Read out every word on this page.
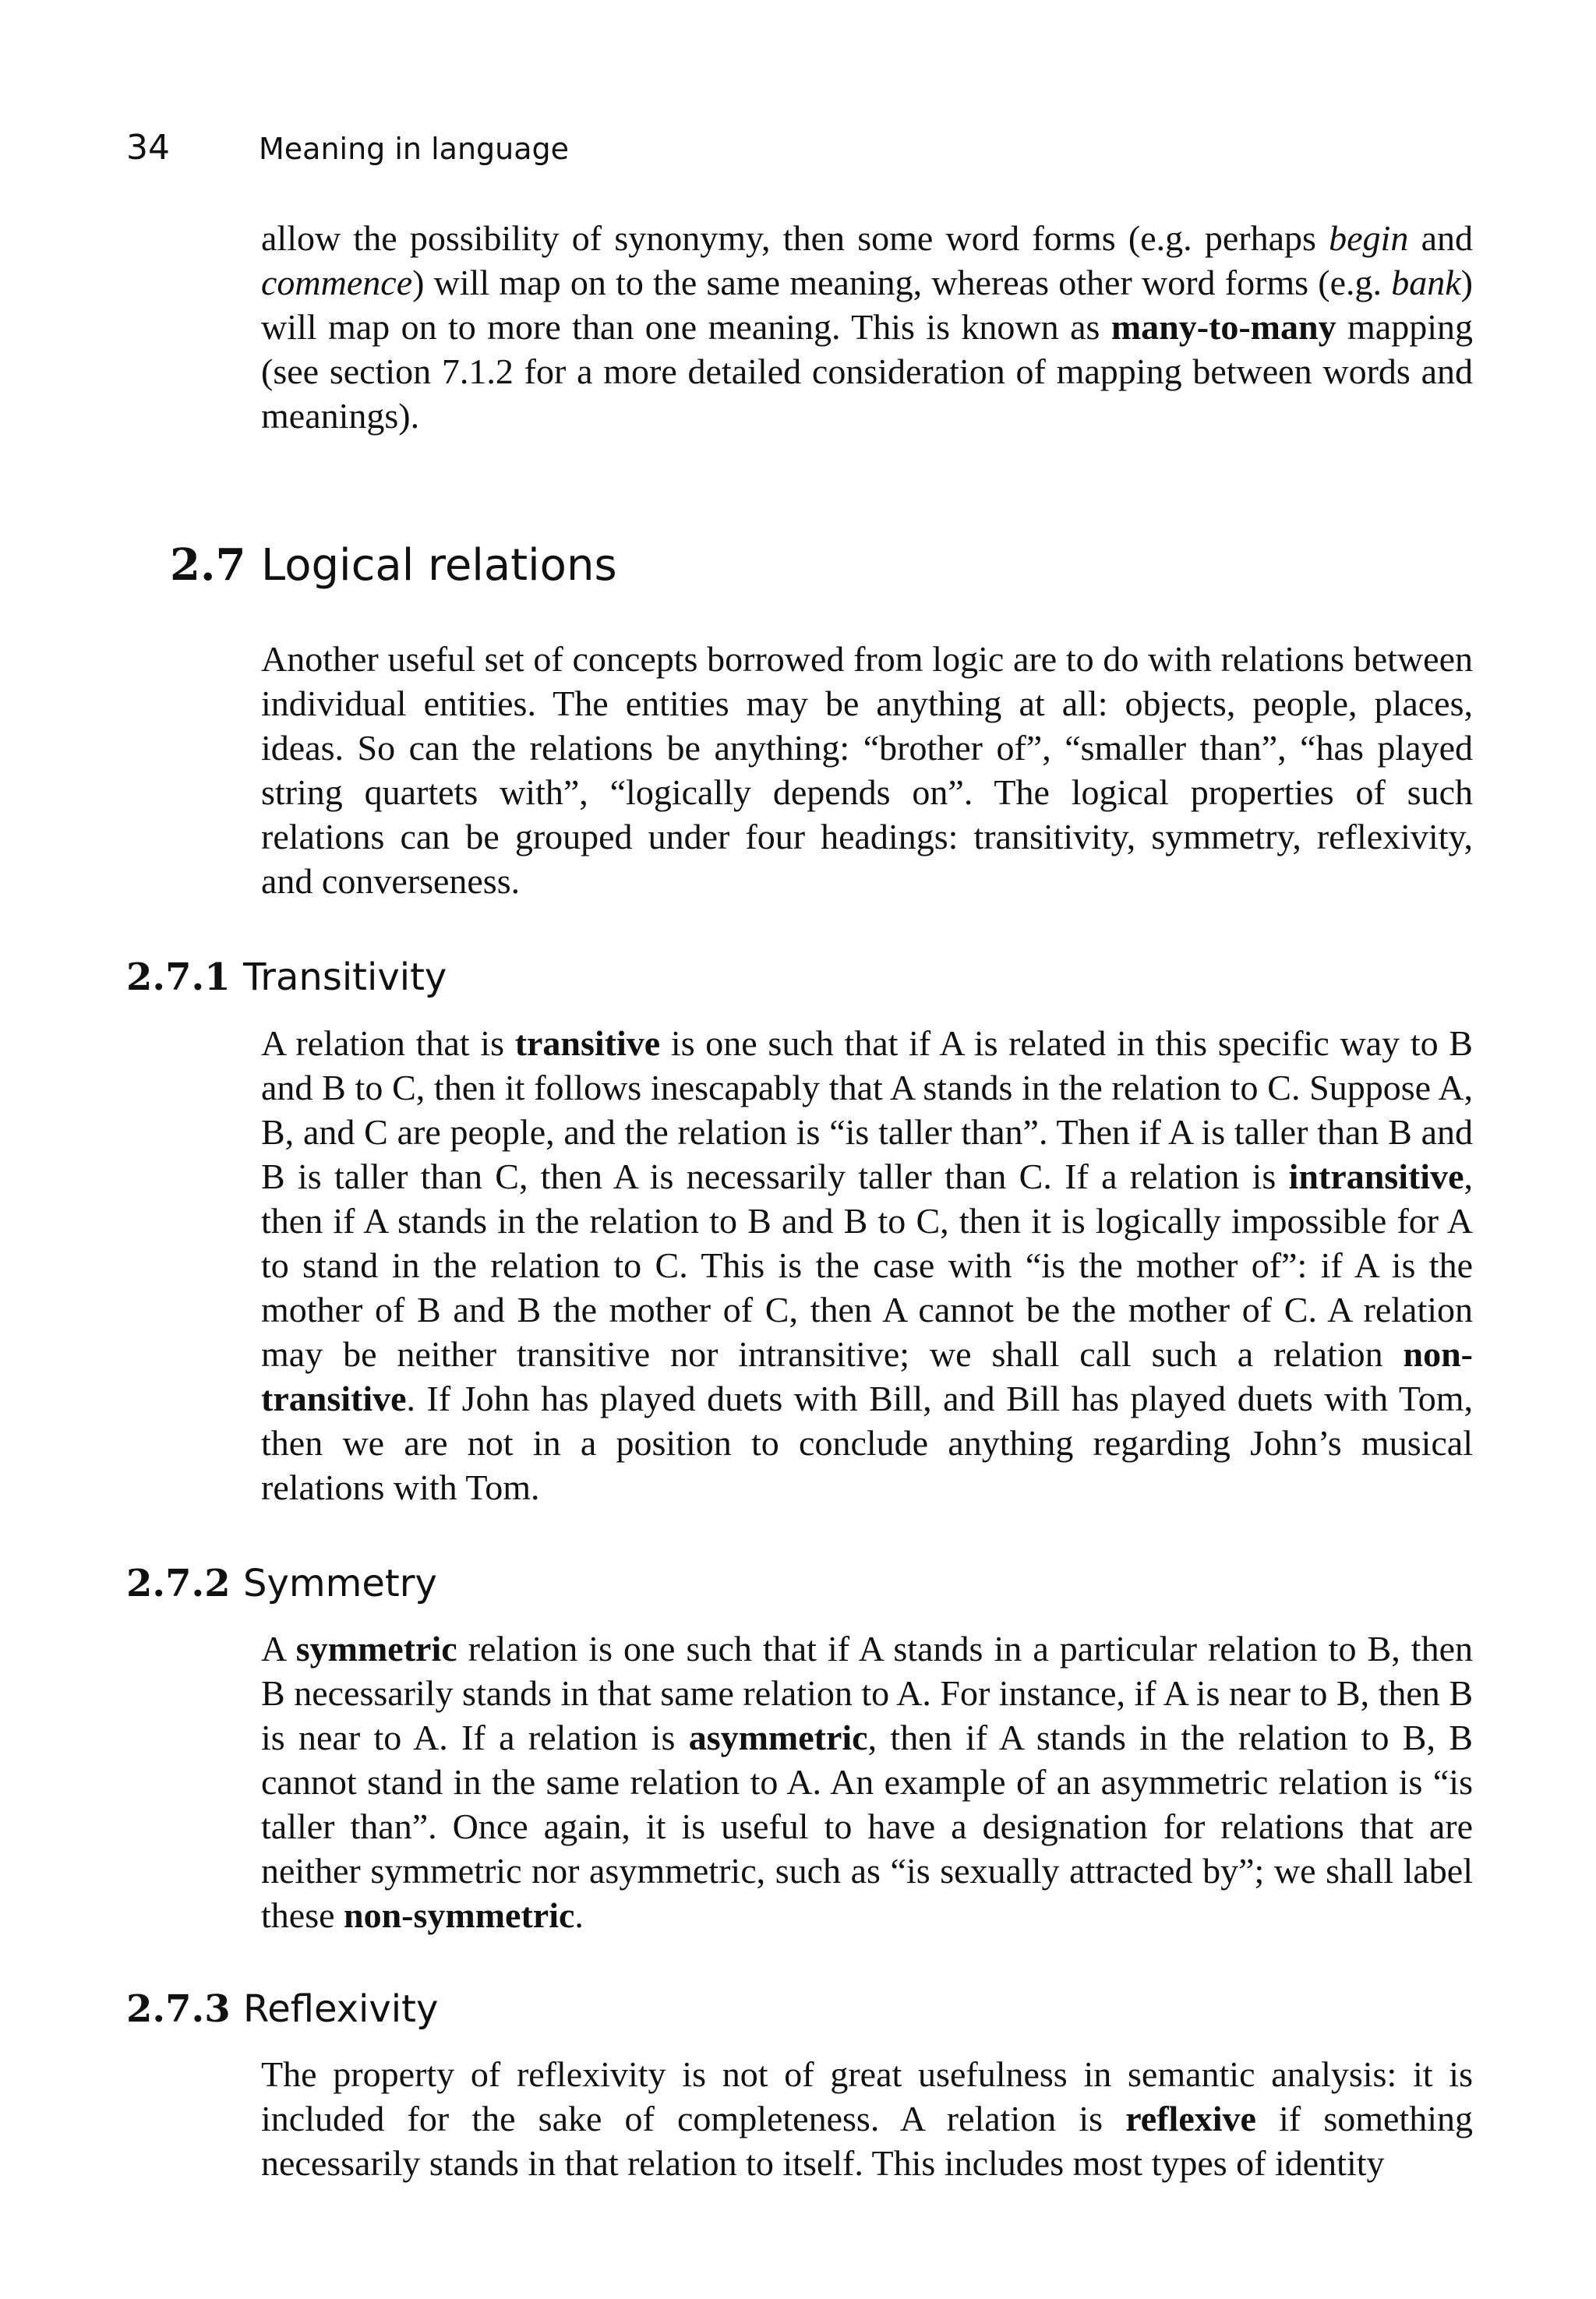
34	Meaning in language

allow the possibility of synonymy, then some word forms (e.g. perhaps begin and commence) will map on to the same meaning, whereas other word forms (e.g. bank) will map on to more than one meaning. This is known as many-to-many mapping (see section 7.1.2 for a more detailed consideration of mapping between words and meanings).

2.7 Logical relations

Another useful set of concepts borrowed from logic are to do with relations between individual entities. The entities may be anything at all: objects, people, places, ideas. So can the relations be anything: “brother of”, “smaller than”, “has played string quartets with”, “logically depends on”. The logical properties of such relations can be grouped under four headings: transitivity, symmetry, reflexivity, and converseness.

2.7.1 Transitivity

A relation that is transitive is one such that if A is related in this specific way to B and B to C, then it follows inescapably that A stands in the relation to C. Suppose A, B, and C are people, and the relation is “is taller than”. Then if A is taller than B and B is taller than C, then A is necessarily taller than C. If a relation is intransitive, then if A stands in the relation to B and B to C, then it is logically impossible for A to stand in the relation to C. This is the case with “is the mother of”: if A is the mother of B and B the mother of C, then A cannot be the mother of C. A relation may be neither transitive nor intransitive; we shall call such a relation non-transitive. If John has played duets with Bill, and Bill has played duets with Tom, then we are not in a position to conclude anything regarding John’s musical relations with Tom.

2.7.2 Symmetry

A symmetric relation is one such that if A stands in a particular relation to B, then B necessarily stands in that same relation to A. For instance, if A is near to B, then B is near to A. If a relation is asymmetric, then if A stands in the relation to B, B cannot stand in the same relation to A. An example of an asymmetric relation is “is taller than”. Once again, it is useful to have a designation for relations that are neither symmetric nor asymmetric, such as “is sexually attracted by”; we shall label these non-symmetric.

2.7.3 Reflexivity

The property of reflexivity is not of great usefulness in semantic analysis: it is included for the sake of completeness. A relation is reflexive if something necessarily stands in that relation to itself. This includes most types of identity
